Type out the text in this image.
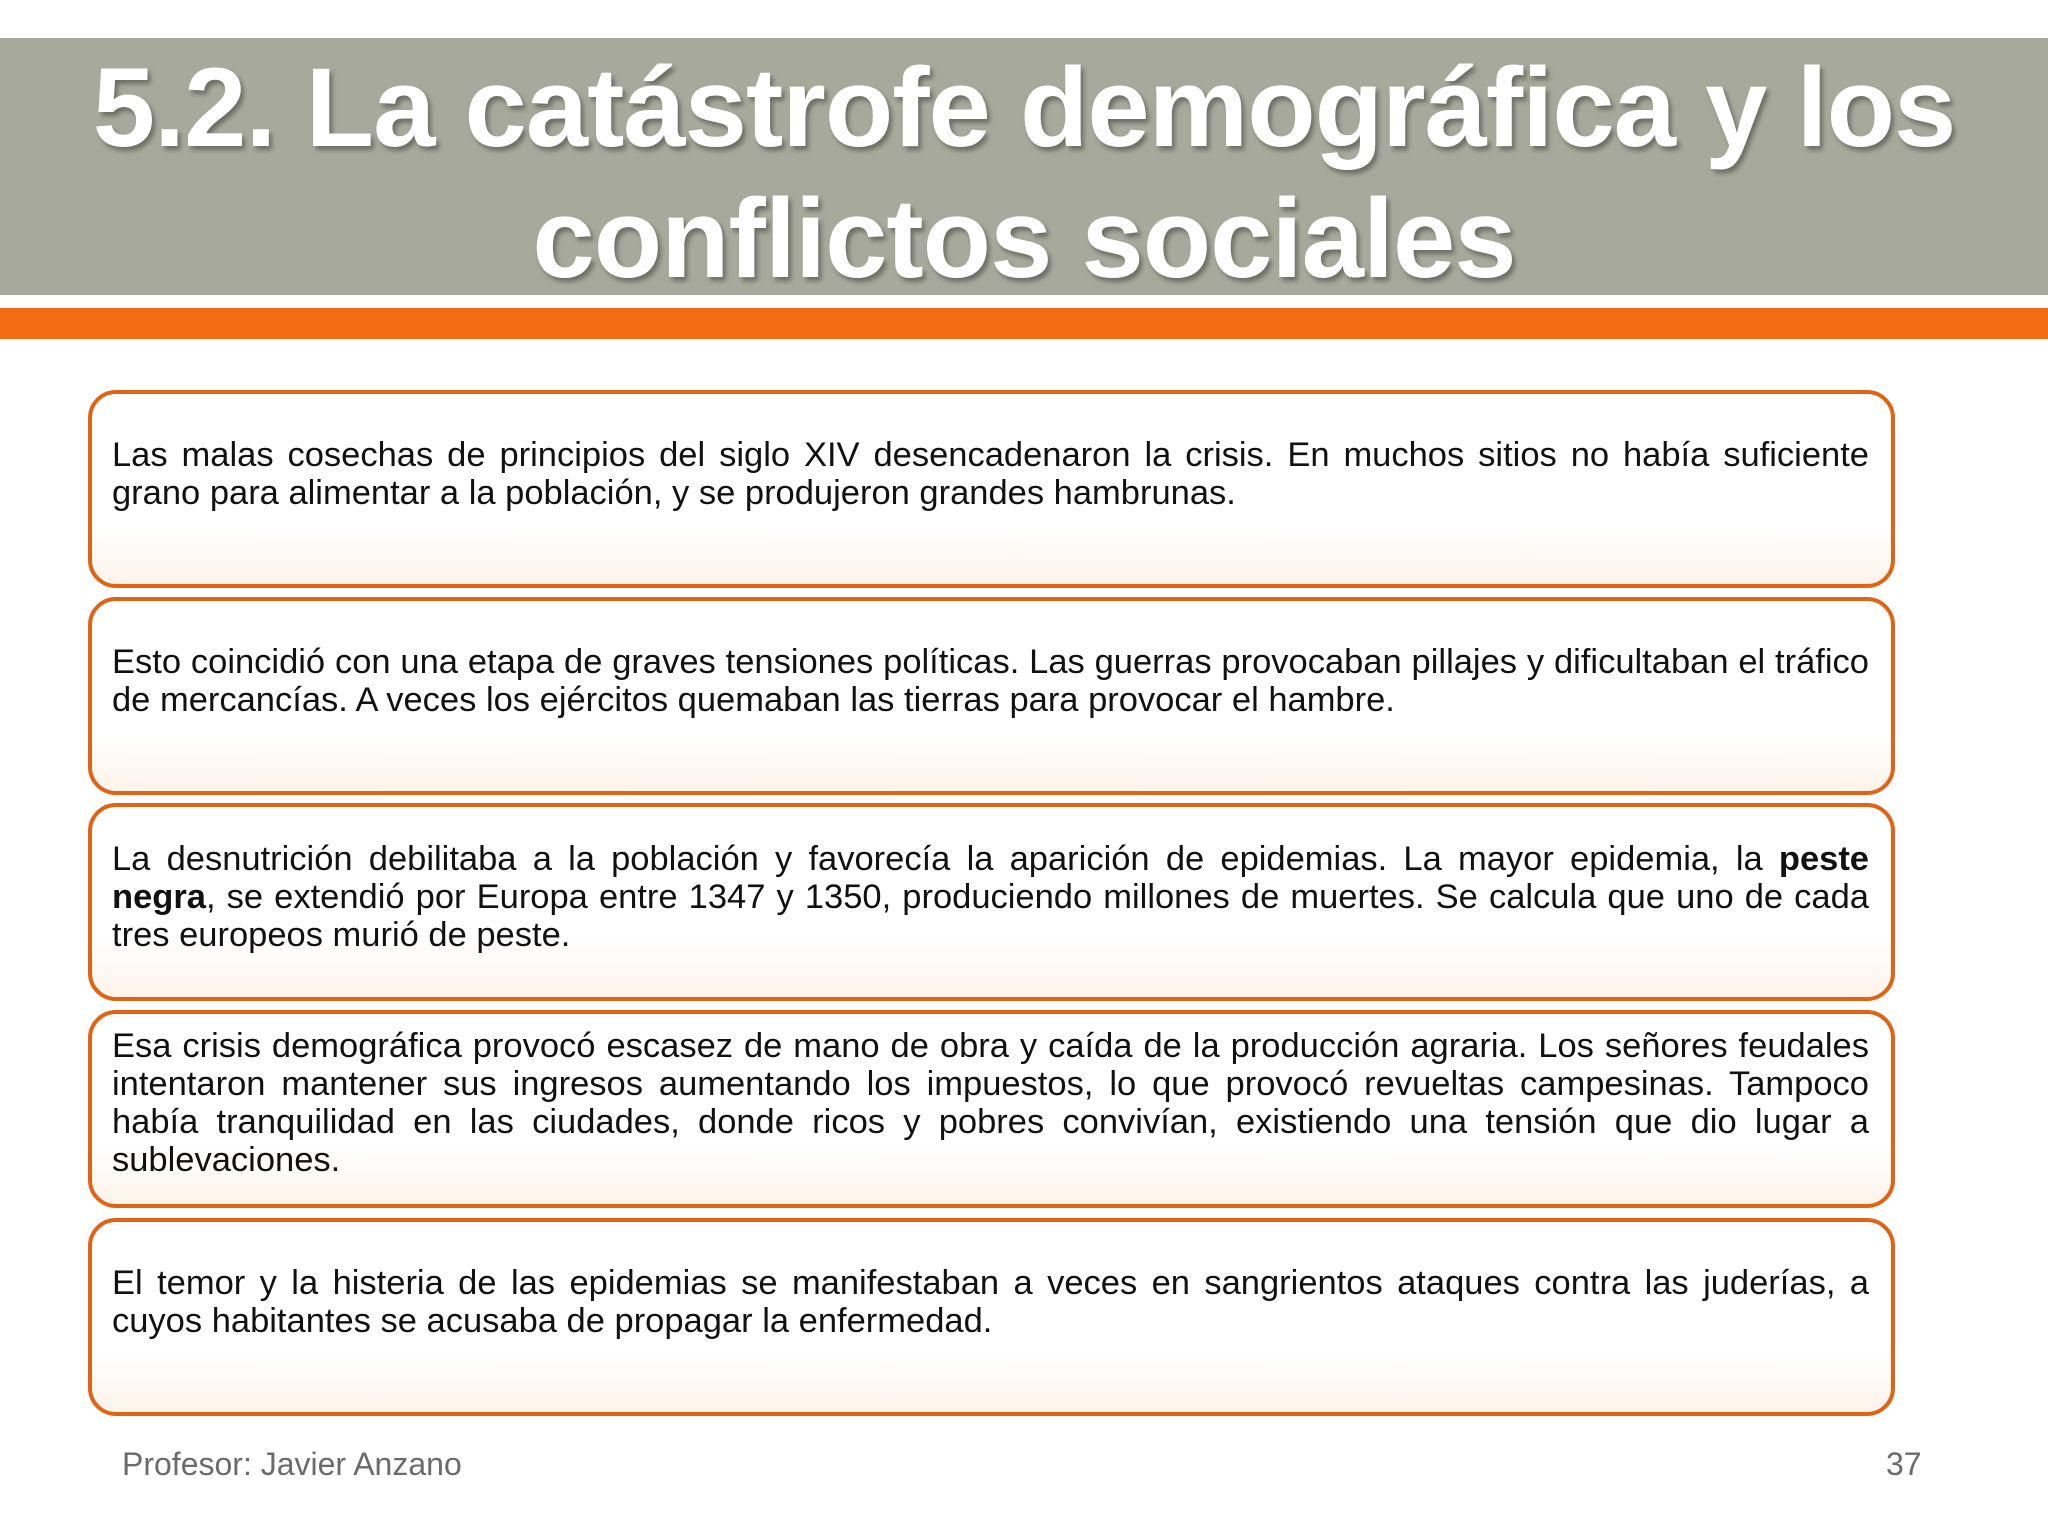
5.2. La catástrofe demográfica y los
conflictos sociales

Las malas cosechas de principios del siglo XIV desencadenaron la crisis. En muchos sitios no había suficiente grano para alimentar a la población, y se produjeron grandes hambrunas.

Esto coincidió con una etapa de graves tensiones políticas. Las guerras provocaban pillajes y dificultaban el tráfico de mercancías. A veces los ejércitos quemaban las tierras para provocar el hambre.

La desnutrición debilitaba a la población y favorecía la aparición de epidemias. La mayor epidemia, la peste negra, se extendió por Europa entre 1347 y 1350, produciendo millones de muertes. Se calcula que uno de cada tres europeos murió de peste.

Esa crisis demográfica provocó escasez de mano de obra y caída de la producción agraria. Los señores feudales intentaron mantener sus ingresos aumentando los impuestos, lo que provocó revueltas campesinas. Tampoco había tranquilidad en las ciudades, donde ricos y pobres convivían, existiendo una tensión que dio lugar a sublevaciones.

El temor y la histeria de las epidemias se manifestaban a veces en sangrientos ataques contra las juderías, a cuyos habitantes se acusaba de propagar la enfermedad.

Profesor: Javier Anzano	37
